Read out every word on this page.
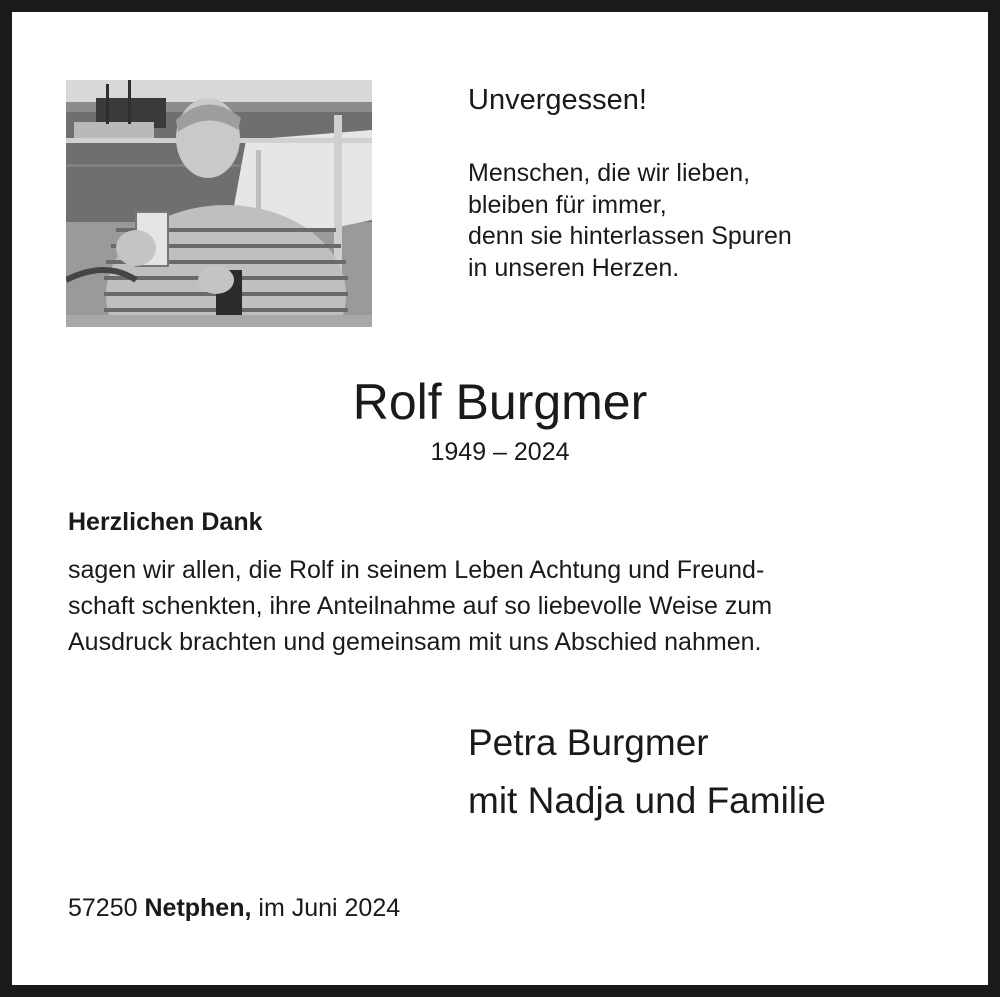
Unvergessen!
Menschen, die wir lieben,
bleiben für immer,
denn sie hinterlassen Spuren
in unseren Herzen.
Rolf Burgmer
1949 – 2024
Herzlichen Dank
sagen wir allen, die Rolf in seinem Leben Achtung und Freund-
schaft schenkten, ihre Anteilnahme auf so liebevolle Weise zum
Ausdruck brachten und gemeinsam mit uns Abschied nahmen.
Petra Burgmer
mit Nadja und Familie
57250 Netphen, im Juni 2024
